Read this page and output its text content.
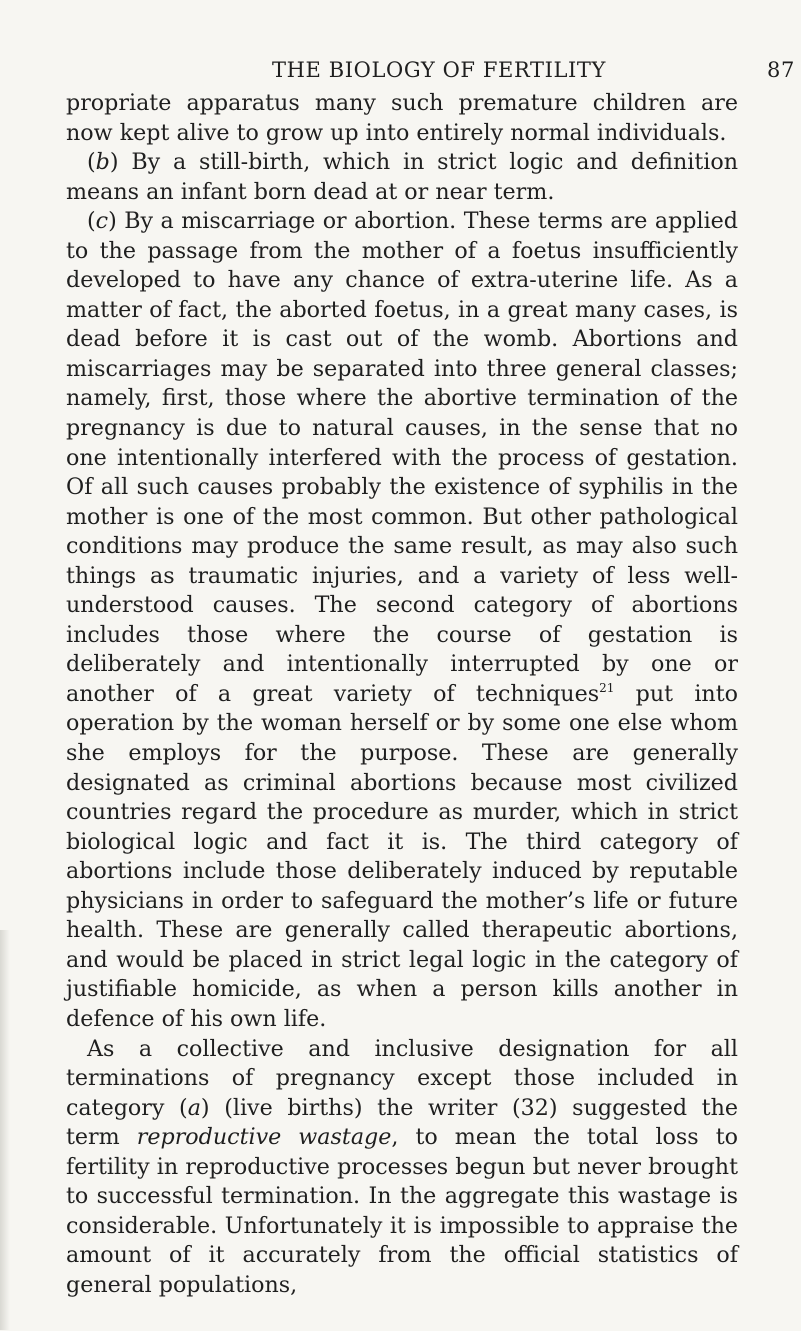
THE BIOLOGY OF FERTILITY	87

propriate apparatus many such premature children are now kept alive to grow up into entirely normal individuals.

(b) By a still-birth, which in strict logic and definition means an infant born dead at or near term.

(c) By a miscarriage or abortion. These terms are applied to the passage from the mother of a foetus insufficiently developed to have any chance of extra-uterine life. As a matter of fact, the aborted foetus, in a great many cases, is dead before it is cast out of the womb. Abortions and miscarriages may be separated into three general classes; namely, first, those where the abortive termination of the pregnancy is due to natural causes, in the sense that no one intentionally interfered with the process of gestation. Of all such causes probably the existence of syphilis in the mother is one of the most common. But other pathological conditions may produce the same result, as may also such things as traumatic injuries, and a variety of less well-understood causes. The second category of abortions includes those where the course of gestation is deliberately and intentionally interrupted by one or another of a great variety of techniques$^{21}$ put into operation by the woman herself or by some one else whom she employs for the purpose. These are generally designated as criminal abortions because most civilized countries regard the procedure as murder, which in strict biological logic and fact it is. The third category of abortions include those deliberately induced by reputable physicians in order to safeguard the mother’s life or future health. These are generally called therapeutic abortions, and would be placed in strict legal logic in the category of justifiable homicide, as when a person kills another in defence of his own life.

As a collective and inclusive designation for all terminations of pregnancy except those included in category (a) (live births) the writer (32) suggested the term reproductive wastage, to mean the total loss to fertility in reproductive processes begun but never brought to successful termination. In the aggregate this wastage is considerable. Unfortunately it is impossible to appraise the amount of it accurately from the official statistics of general populations,
